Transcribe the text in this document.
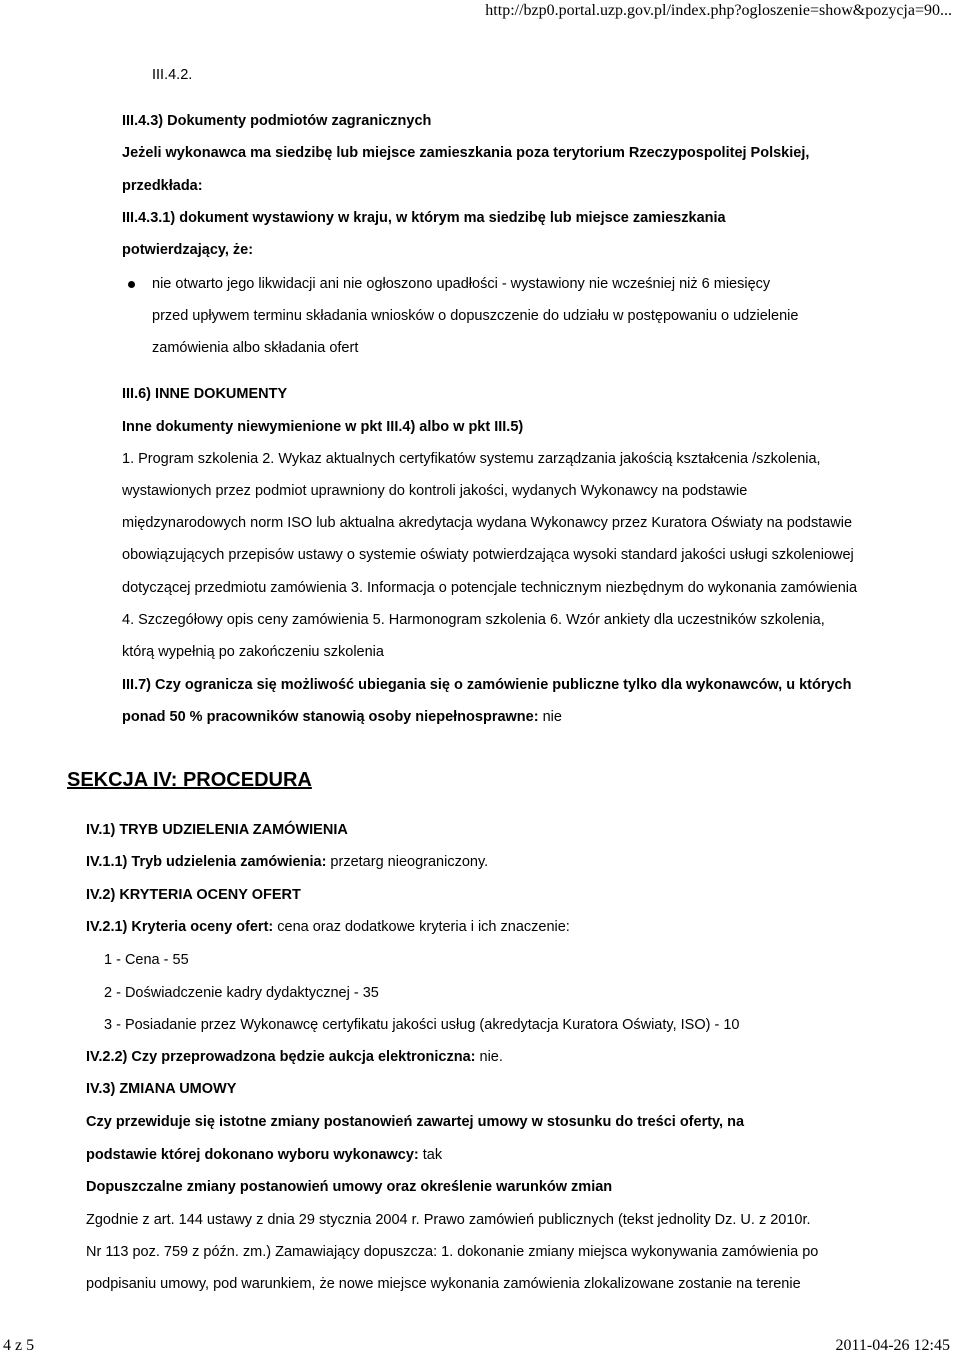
http://bzp0.portal.uzp.gov.pl/index.php?ogloszenie=show&pozycja=90...
III.4.2.
III.4.3) Dokumenty podmiotów zagranicznych
Jeżeli wykonawca ma siedzibę lub miejsce zamieszkania poza terytorium Rzeczypospolitej Polskiej,
przedkłada:
III.4.3.1) dokument wystawiony w kraju, w którym ma siedzibę lub miejsce zamieszkania
potwierdzający, że:
nie otwarto jego likwidacji ani nie ogłoszono upadłości - wystawiony nie wcześniej niż 6 miesięcy
przed upływem terminu składania wniosków o dopuszczenie do udziału w postępowaniu o udzielenie
zamówienia albo składania ofert
III.6) INNE DOKUMENTY
Inne dokumenty niewymienione w pkt III.4) albo w pkt III.5)
1. Program szkolenia 2. Wykaz aktualnych certyfikatów systemu zarządzania jakością kształcenia /szkolenia,
wystawionych przez podmiot uprawniony do kontroli jakości, wydanych Wykonawcy na podstawie
międzynarodowych norm ISO lub aktualna akredytacja wydana Wykonawcy przez Kuratora Oświaty na podstawie
obowiązujących przepisów ustawy o systemie oświaty potwierdzająca wysoki standard jakości usługi szkoleniowej
dotyczącej przedmiotu zamówienia 3. Informacja o potencjale technicznym niezbędnym do wykonania zamówienia
4. Szczegółowy opis ceny zamówienia 5. Harmonogram szkolenia 6. Wzór ankiety dla uczestników szkolenia,
którą wypełnią po zakończeniu szkolenia
III.7) Czy ogranicza się możliwość ubiegania się o zamówienie publiczne tylko dla wykonawców, u których
ponad 50 % pracowników stanowią osoby niepełnosprawne: nie
SEKCJA IV: PROCEDURA
IV.1) TRYB UDZIELENIA ZAMÓWIENIA
IV.1.1) Tryb udzielenia zamówienia: przetarg nieograniczony.
IV.2) KRYTERIA OCENY OFERT
IV.2.1) Kryteria oceny ofert: cena oraz dodatkowe kryteria i ich znaczenie:
1 - Cena - 55
2 - Doświadczenie kadry dydaktycznej - 35
3 - Posiadanie przez Wykonawcę certyfikatu jakości usług (akredytacja Kuratora Oświaty, ISO) - 10
IV.2.2) Czy przeprowadzona będzie aukcja elektroniczna: nie.
IV.3) ZMIANA UMOWY
Czy przewiduje się istotne zmiany postanowień zawartej umowy w stosunku do treści oferty, na
podstawie której dokonano wyboru wykonawcy: tak
Dopuszczalne zmiany postanowień umowy oraz określenie warunków zmian
Zgodnie z art. 144 ustawy z dnia 29 stycznia 2004 r. Prawo zamówień publicznych (tekst jednolity Dz. U. z 2010r.
Nr 113 poz. 759 z późn. zm.) Zamawiający dopuszcza: 1. dokonanie zmiany miejsca wykonywania zamówienia po
podpisaniu umowy, pod warunkiem, że nowe miejsce wykonania zamówienia zlokalizowane zostanie na terenie
4 z 5	2011-04-26 12:45
